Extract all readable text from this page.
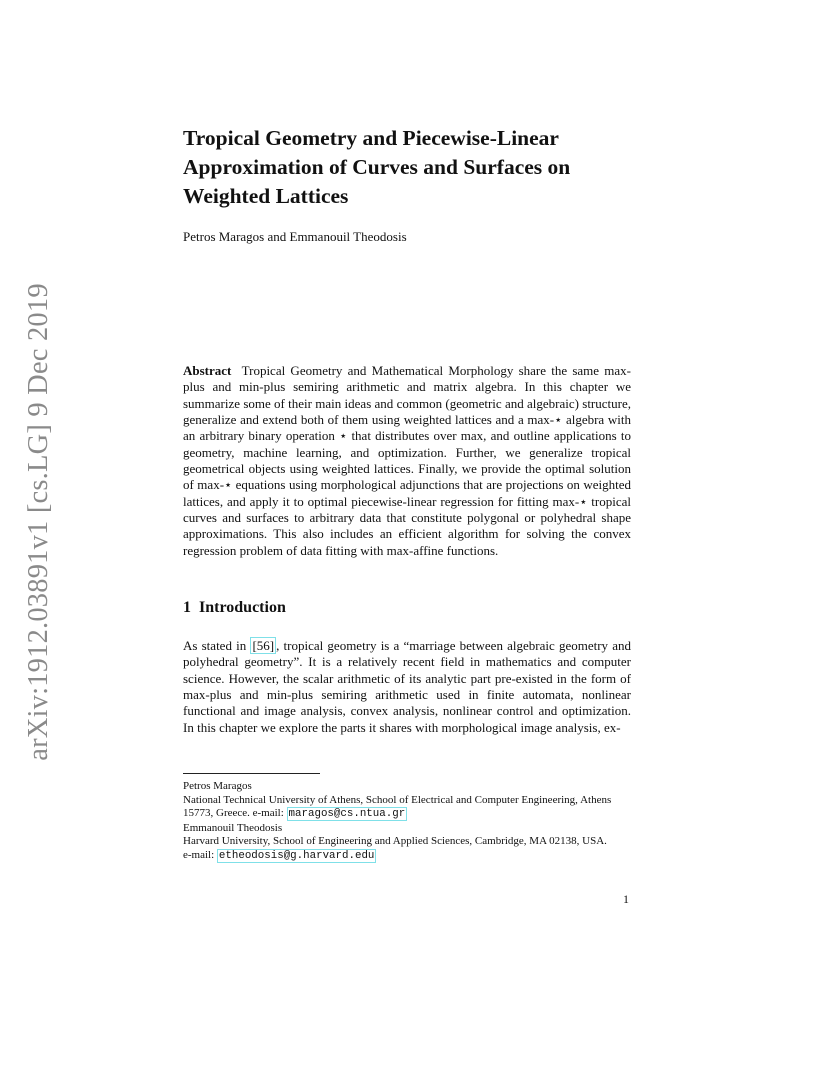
arXiv:1912.03891v1 [cs.LG] 9 Dec 2019
Tropical Geometry and Piecewise-Linear
Approximation of Curves and Surfaces on
Weighted Lattices
Petros Maragos and Emmanouil Theodosis
Abstract Tropical Geometry and Mathematical Morphology share the same max-plus and min-plus semiring arithmetic and matrix algebra. In this chapter we summarize some of their main ideas and common (geometric and algebraic) structure, generalize and extend both of them using weighted lattices and a max-⋆ algebra with an arbitrary binary operation ⋆ that distributes over max, and outline applications to geometry, machine learning, and optimization. Further, we generalize tropical geometrical objects using weighted lattices. Finally, we provide the optimal solution of max-⋆ equations using morphological adjunctions that are projections on weighted lattices, and apply it to optimal piecewise-linear regression for fitting max-⋆ tropical curves and surfaces to arbitrary data that constitute polygonal or polyhedral shape approximations. This also includes an efficient algorithm for solving the convex regression problem of data fitting with max-affine functions.
1 Introduction
As stated in [56] , tropical geometry is a “marriage between algebraic geometry and polyhedral geometry”. It is a relatively recent field in mathematics and computer science. However, the scalar arithmetic of its analytic part pre-existed in the form of max-plus and min-plus semiring arithmetic used in finite automata, nonlinear functional and image analysis, convex analysis, nonlinear control and optimization. In this chapter we explore the parts it shares with morphological image analysis, ex-
Petros Maragos
National Technical University of Athens, School of Electrical and Computer Engineering, Athens
15773, Greece. e-mail: maragos@cs.ntua.gr
Emmanouil Theodosis
Harvard University, School of Engineering and Applied Sciences, Cambridge, MA 02138, USA.
e-mail: etheodosis@g.harvard.edu
1
